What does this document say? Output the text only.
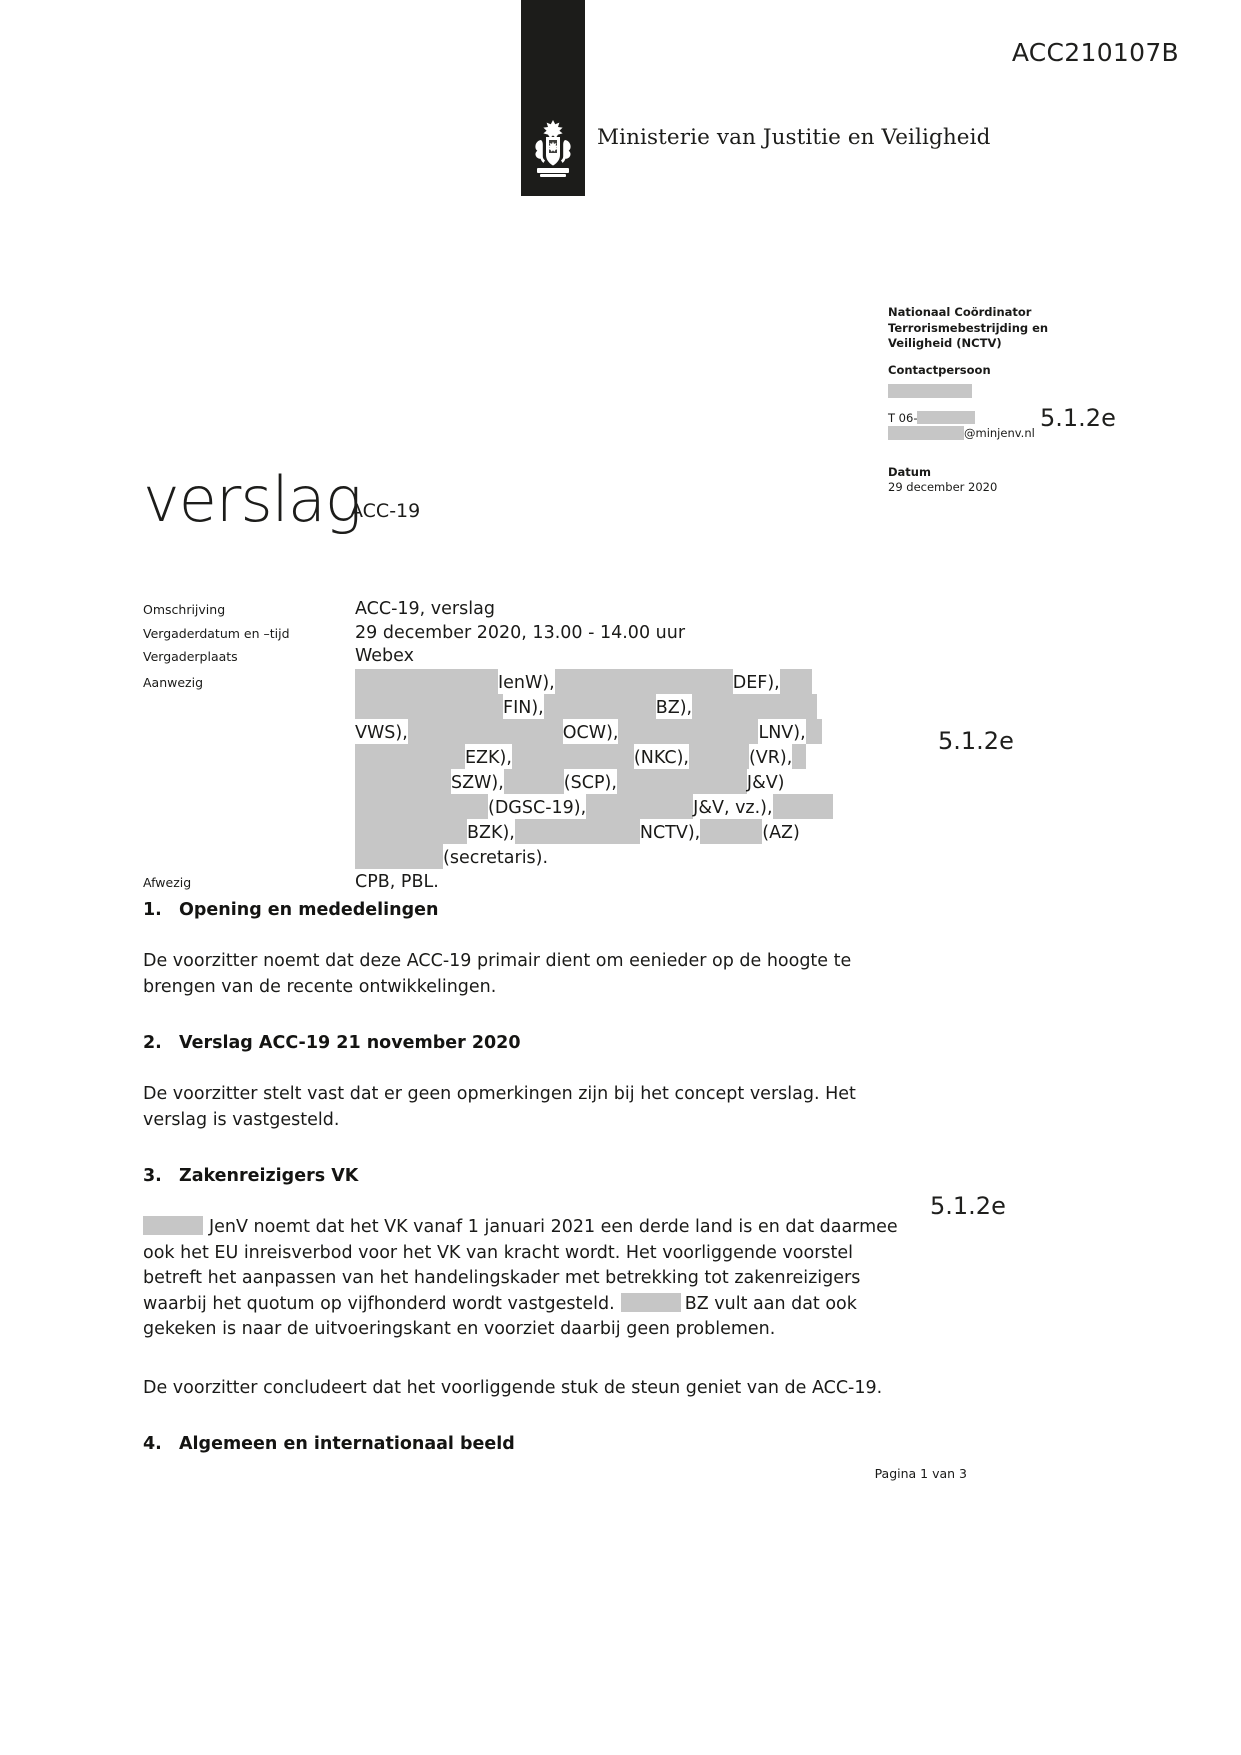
Ministerie van Justitie en Veiligheid
ACC210107B
Nationaal Coördinator
Terrorismebestrijding en
Veiligheid (NCTV)
Contactpersoon
T 06-
@minjenv.nl
Datum
29 december 2020
5.1.2e
5.1.2e
5.1.2e
verslag
ACC-19
Omschrijving	ACC-19, verslag
Vergaderdatum en –tijd	29 december 2020, 13.00 - 14.00 uur
Vergaderplaats	Webex
Aanwezig	IenW),	DEF),
FIN),	BZ),
VWS),	OCW),	LNV),
EZK),	(NKC),	(VR),
SZW),	(SCP),	J&V)
(DGSC-19),	J&V, vz.),
BZK),	NCTV),	(AZ)
(secretaris).
Afwezig	CPB, PBL.
1. Opening en mededelingen

De voorzitter noemt dat deze ACC-19 primair dient om eenieder op de hoogte te brengen van de recente ontwikkelingen.

2. Verslag ACC-19 21 november 2020

De voorzitter stelt vast dat er geen opmerkingen zijn bij het concept verslag. Het verslag is vastgesteld.

3. Zakenreizigers VK

JenV noemt dat het VK vanaf 1 januari 2021 een derde land is en dat daarmee ook het EU inreisverbod voor het VK van kracht wordt. Het voorliggende voorstel betreft het aanpassen van het handelingskader met betrekking tot zakenreizigers waarbij het quotum op vijfhonderd wordt vastgesteld.	BZ vult aan dat ook gekeken is naar de uitvoeringskant en voorziet daarbij geen problemen.

De voorzitter concludeert dat het voorliggende stuk de steun geniet van de ACC-19.

4. Algemeen en internationaal beeld
Pagina 1 van 3
